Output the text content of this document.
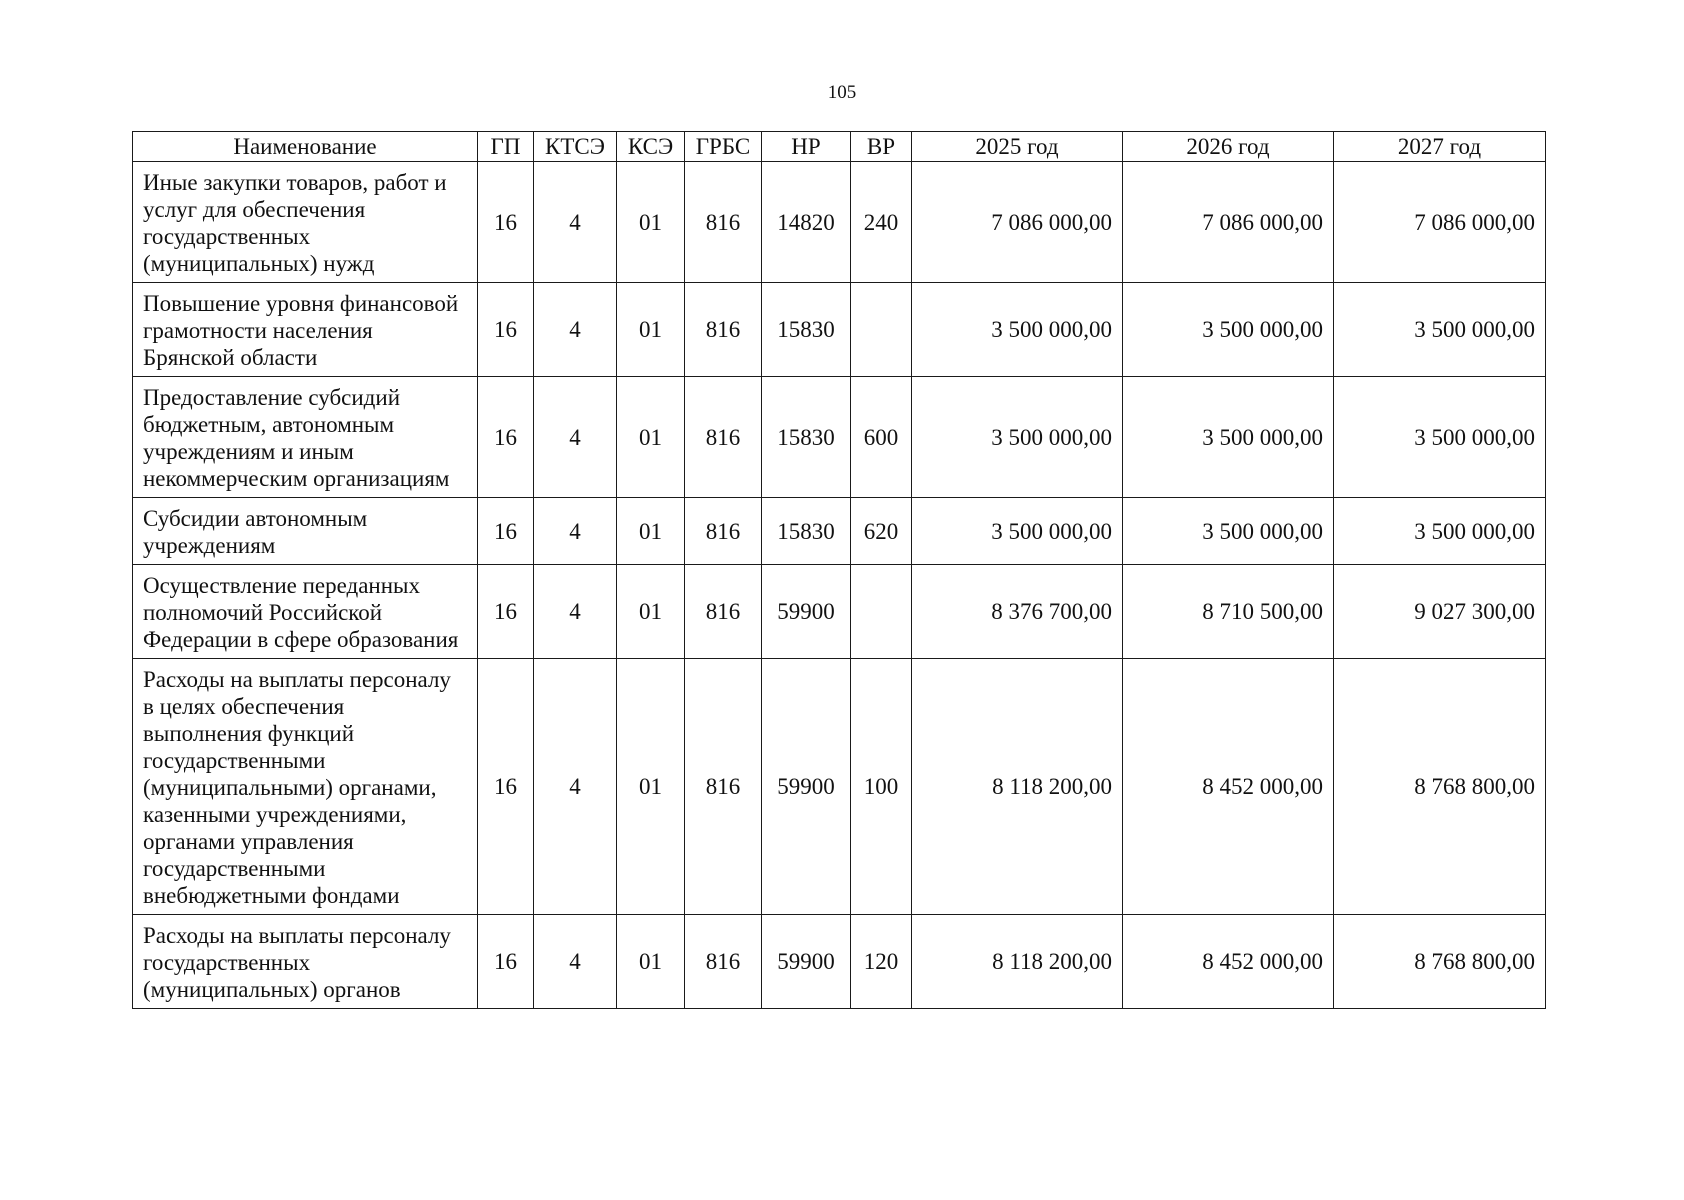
105
Наименование	ГП	КТСЭ	КСЭ	ГРБС	НР	ВР	2025 год	2026 год	2027 год
Иные закупки товаров, работ и услуг для обеспечения государственных (муниципальных) нужд	16	4	01	816	14820	240	7 086 000,00	7 086 000,00	7 086 000,00
Повышение уровня финансовой грамотности населения Брянской области	16	4	01	816	15830		3 500 000,00	3 500 000,00	3 500 000,00
Предоставление субсидий бюджетным, автономным учреждениям и иным некоммерческим организациям	16	4	01	816	15830	600	3 500 000,00	3 500 000,00	3 500 000,00
Субсидии автономным учреждениям	16	4	01	816	15830	620	3 500 000,00	3 500 000,00	3 500 000,00
Осуществление переданных полномочий Российской Федерации в сфере образования	16	4	01	816	59900		8 376 700,00	8 710 500,00	9 027 300,00
Расходы на выплаты персоналу в целях обеспечения выполнения функций государственными (муниципальными) органами, казенными учреждениями, органами управления государственными внебюджетными фондами	16	4	01	816	59900	100	8 118 200,00	8 452 000,00	8 768 800,00
Расходы на выплаты персоналу государственных (муниципальных) органов	16	4	01	816	59900	120	8 118 200,00	8 452 000,00	8 768 800,00
